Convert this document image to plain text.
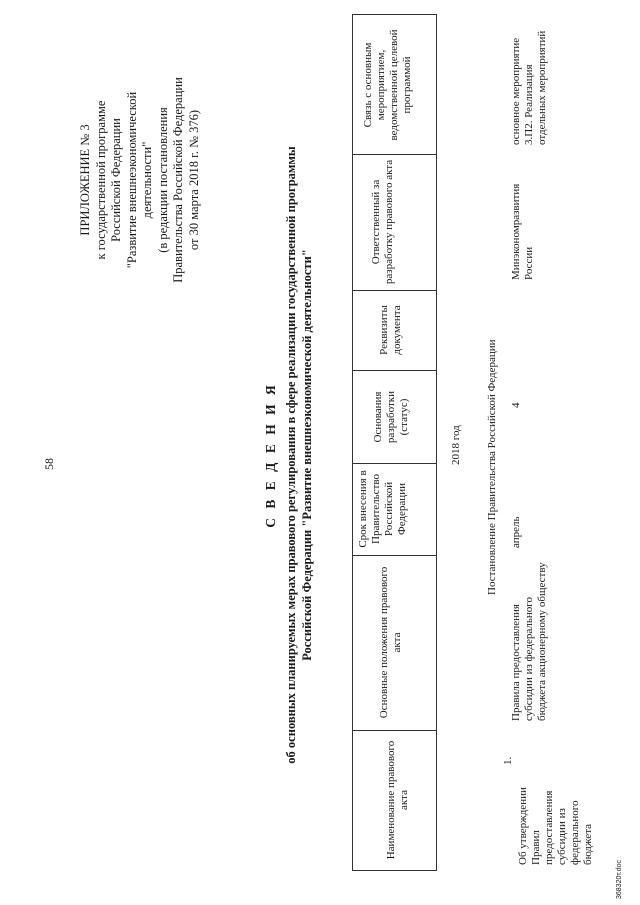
58
ПРИЛОЖЕНИЕ № 3 к государственной программе Российской Федерации "Развитие внешнеэкономической деятельности" (в редакции постановления Правительства Российской Федерации от 30 марта 2018 г. № 376)
С В Е Д Е Н И Я об основных планируемых мерах правового регулирования в сфере реализации государственной программы Российской Федерации "Развитие внешнеэкономической деятельности"
Наименование правового акта
Основные положения правового акта
Срок внесения в Правительство Российской Федерации
Основания разработки (статус)
Реквизиты документа
Ответственный за разработку правового акта
Связь с основным мероприятием, ведомственной целевой программой
2018 год Постановление Правительства Российской Федерации
1.
Об утверждении Правил предоставления субсидии из федерального бюджета
Правила предоставления субсидии из федерального бюджета акционерному обществу
апрель
4
Минэкономразвития России
основное мероприятие 3.П2. Реализация отдельных мероприятий
368320т.doc
